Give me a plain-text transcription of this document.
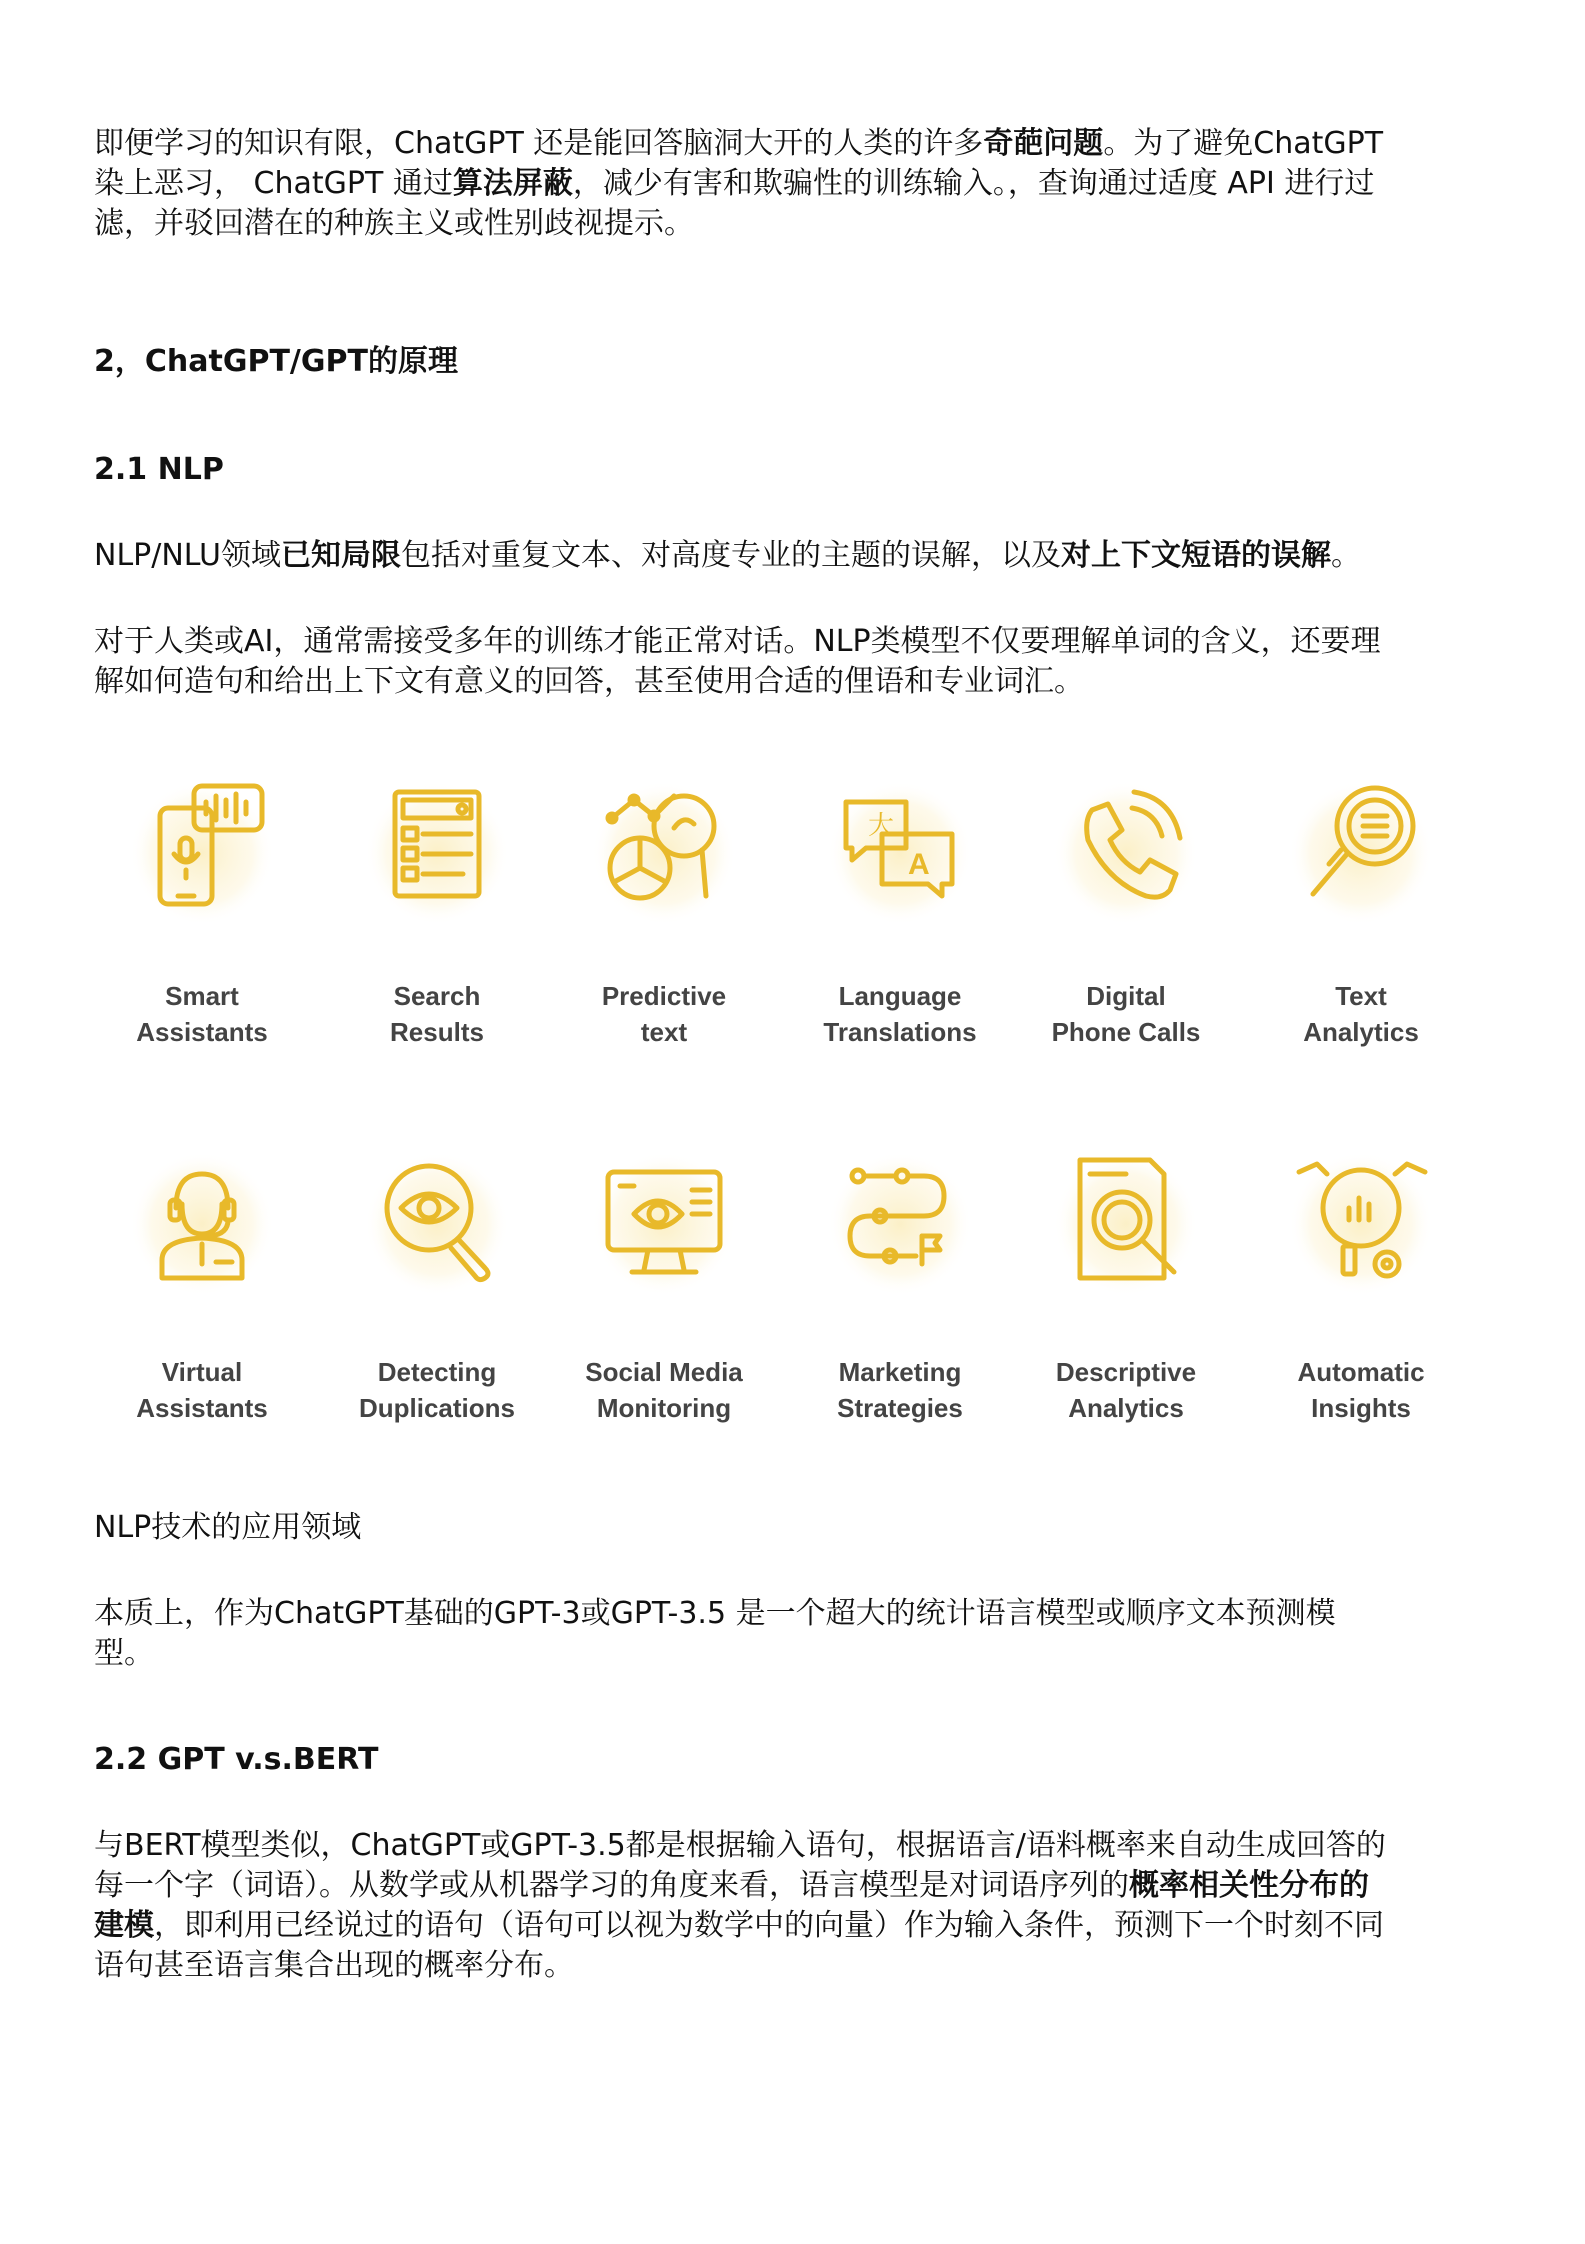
即便学习的知识有限，ChatGPT 还是能回答脑洞大开的人类的许多奇葩问题。为了避免ChatGPT
染上恶习， ChatGPT 通过算法屏蔽，减少有害和欺骗性的训练输入。，查询通过适度 API 进行过
滤，并驳回潜在的种族主义或性别歧视提示。

2，ChatGPT/GPT的原理
2.1 NLP

NLP/NLU领域已知局限包括对重复文本、对高度专业的主题的误解，以及对上下文短语的误解。

对于人类或AI，通常需接受多年的训练才能正常对话。NLP类模型不仅要理解单词的含义，还要理
解如何造句和给出上下文有意义的回答，甚至使用合适的俚语和专业词汇。

Smart
Assistants
Search
Results
Predictive
text
大
A
Language
Translations
Digital
Phone Calls
Text
Analytics
Virtual
Assistants
Detecting
Duplications
Social Media
Monitoring
Marketing
Strategies
Descriptive
Analytics
Automatic
Insights

NLP技术的应用领域

本质上，作为ChatGPT基础的GPT-3或GPT-3.5 是一个超大的统计语言模型或顺序文本预测模
型。

2.2 GPT v.s.BERT

与BERT模型类似，ChatGPT或GPT-3.5都是根据输入语句，根据语言/语料概率来自动生成回答的
每一个字（词语）。从数学或从机器学习的角度来看，语言模型是对词语序列的概率相关性分布的
建模，即利用已经说过的语句（语句可以视为数学中的向量）作为输入条件，预测下一个时刻不同
语句甚至语言集合出现的概率分布。
